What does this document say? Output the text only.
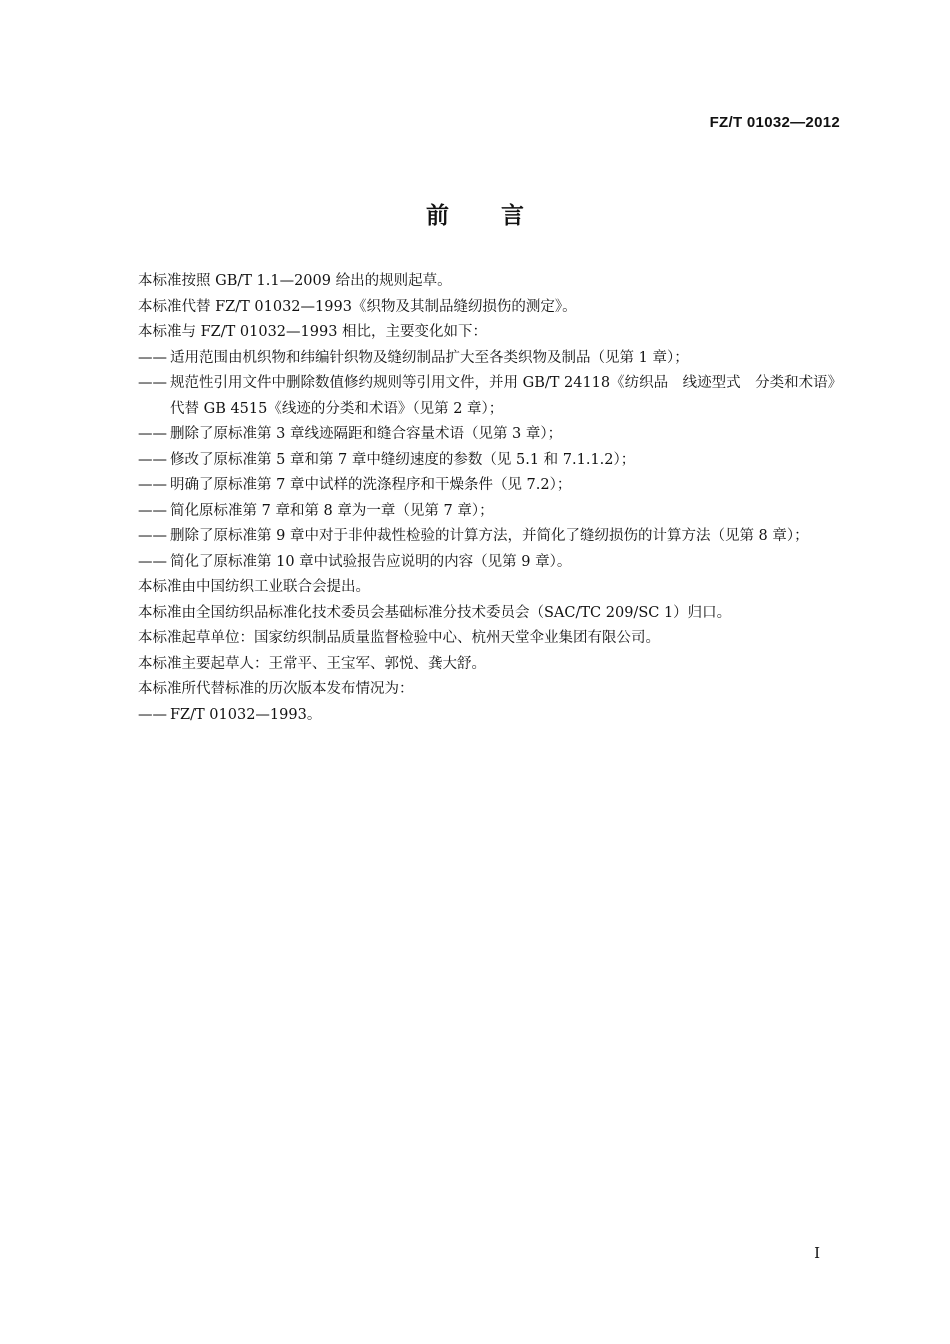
FZ/T 01032—2012
前言
本标准按照 GB/T 1.1—2009 给出的规则起草。
本标准代替 FZ/T 01032—1993《织物及其制品缝纫损伤的测定》。
本标准与 FZ/T 01032—1993 相比，主要变化如下：
—— 适用范围由机织物和纬编针织物及缝纫制品扩大至各类织物及制品（见第 1 章）；
—— 规范性引用文件中删除数值修约规则等引用文件，并用 GB/T 24118《纺织品　线迹型式　分类和术语》代替 GB 4515《线迹的分类和术语》（见第 2 章）；
—— 删除了原标准第 3 章线迹隔距和缝合容量术语（见第 3 章）；
—— 修改了原标准第 5 章和第 7 章中缝纫速度的参数（见 5.1 和 7.1.1.2）；
—— 明确了原标准第 7 章中试样的洗涤程序和干燥条件（见 7.2）；
—— 简化原标准第 7 章和第 8 章为一章（见第 7 章）；
—— 删除了原标准第 9 章中对于非仲裁性检验的计算方法，并简化了缝纫损伤的计算方法（见第 8 章）；
—— 简化了原标准第 10 章中试验报告应说明的内容（见第 9 章）。
本标准由中国纺织工业联合会提出。
本标准由全国纺织品标准化技术委员会基础标准分技术委员会（SAC/TC 209/SC 1）归口。
本标准起草单位：国家纺织制品质量监督检验中心、杭州天堂伞业集团有限公司。
本标准主要起草人：王常平、王宝军、郭悦、龚大舒。
本标准所代替标准的历次版本发布情况为：
—— FZ/T 01032—1993。
I
